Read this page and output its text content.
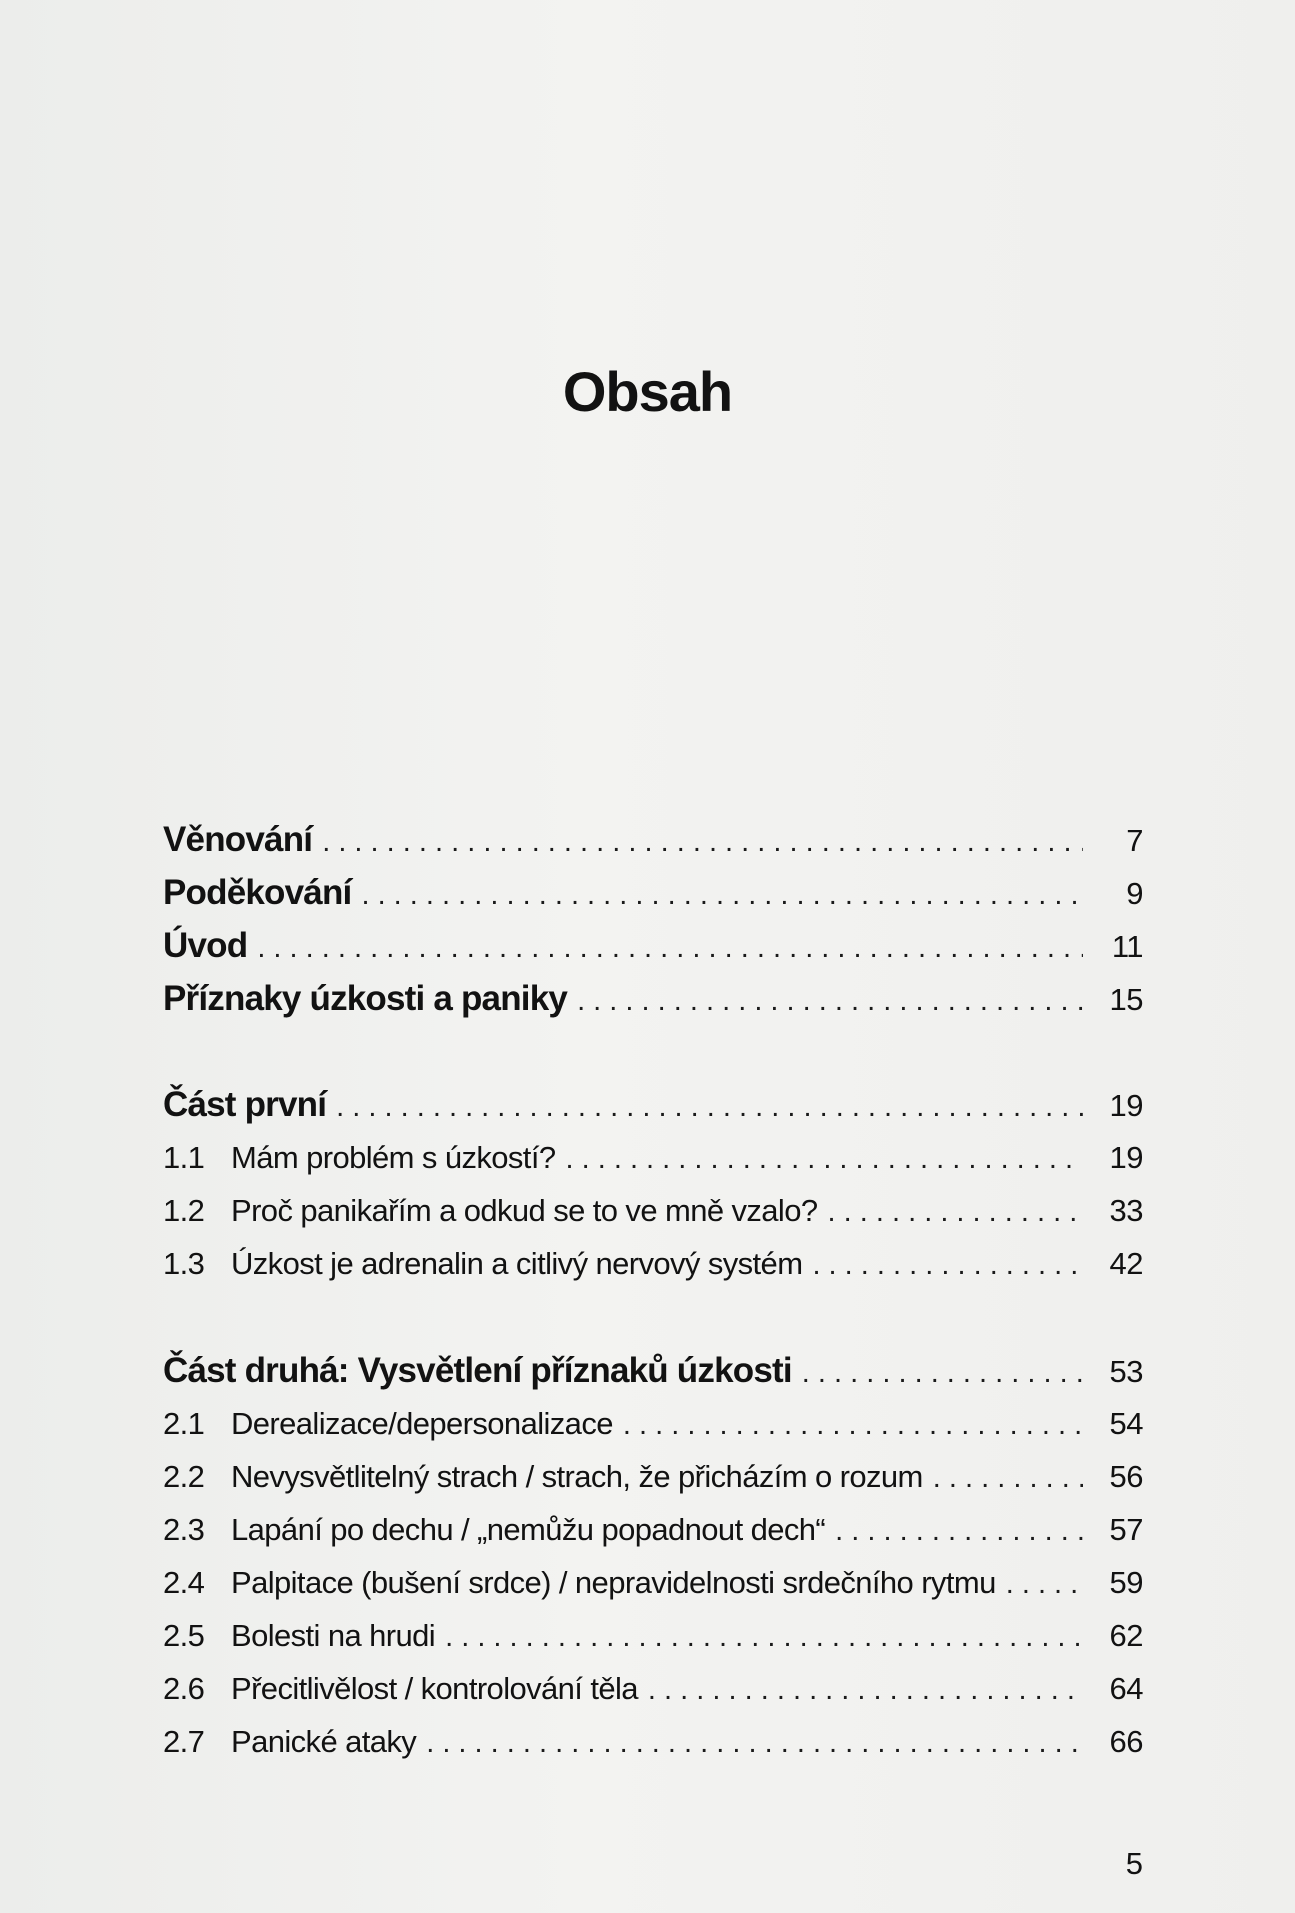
Obsah
Věnování . . .	7
Poděkování . . .	9
Úvod . . .	11
Příznaky úzkosti a paniky . . .	15
Část první . . .	19
1.1 Mám problém s úzkostí? . . .	19
1.2 Proč panikařím a odkud se to ve mně vzalo? . . .	33
1.3 Úzkost je adrenalin a citlivý nervový systém . . .	42
Část druhá: Vysvětlení příznaků úzkosti . . .	53
2.1 Derealizace/depersonalizace . . .	54
2.2 Nevysvětlitelný strach / strach, že přicházím o rozum . . .	56
2.3 Lapání po dechu / „nemůžu popadnout dech“ . . .	57
2.4 Palpitace (bušení srdce) / nepravidelnosti srdečního rytmu . . .	59
2.5 Bolesti na hrudi . . .	62
2.6 Přecitlivělost / kontrolování těla . . .	64
2.7 Panické ataky . . .	66
5
